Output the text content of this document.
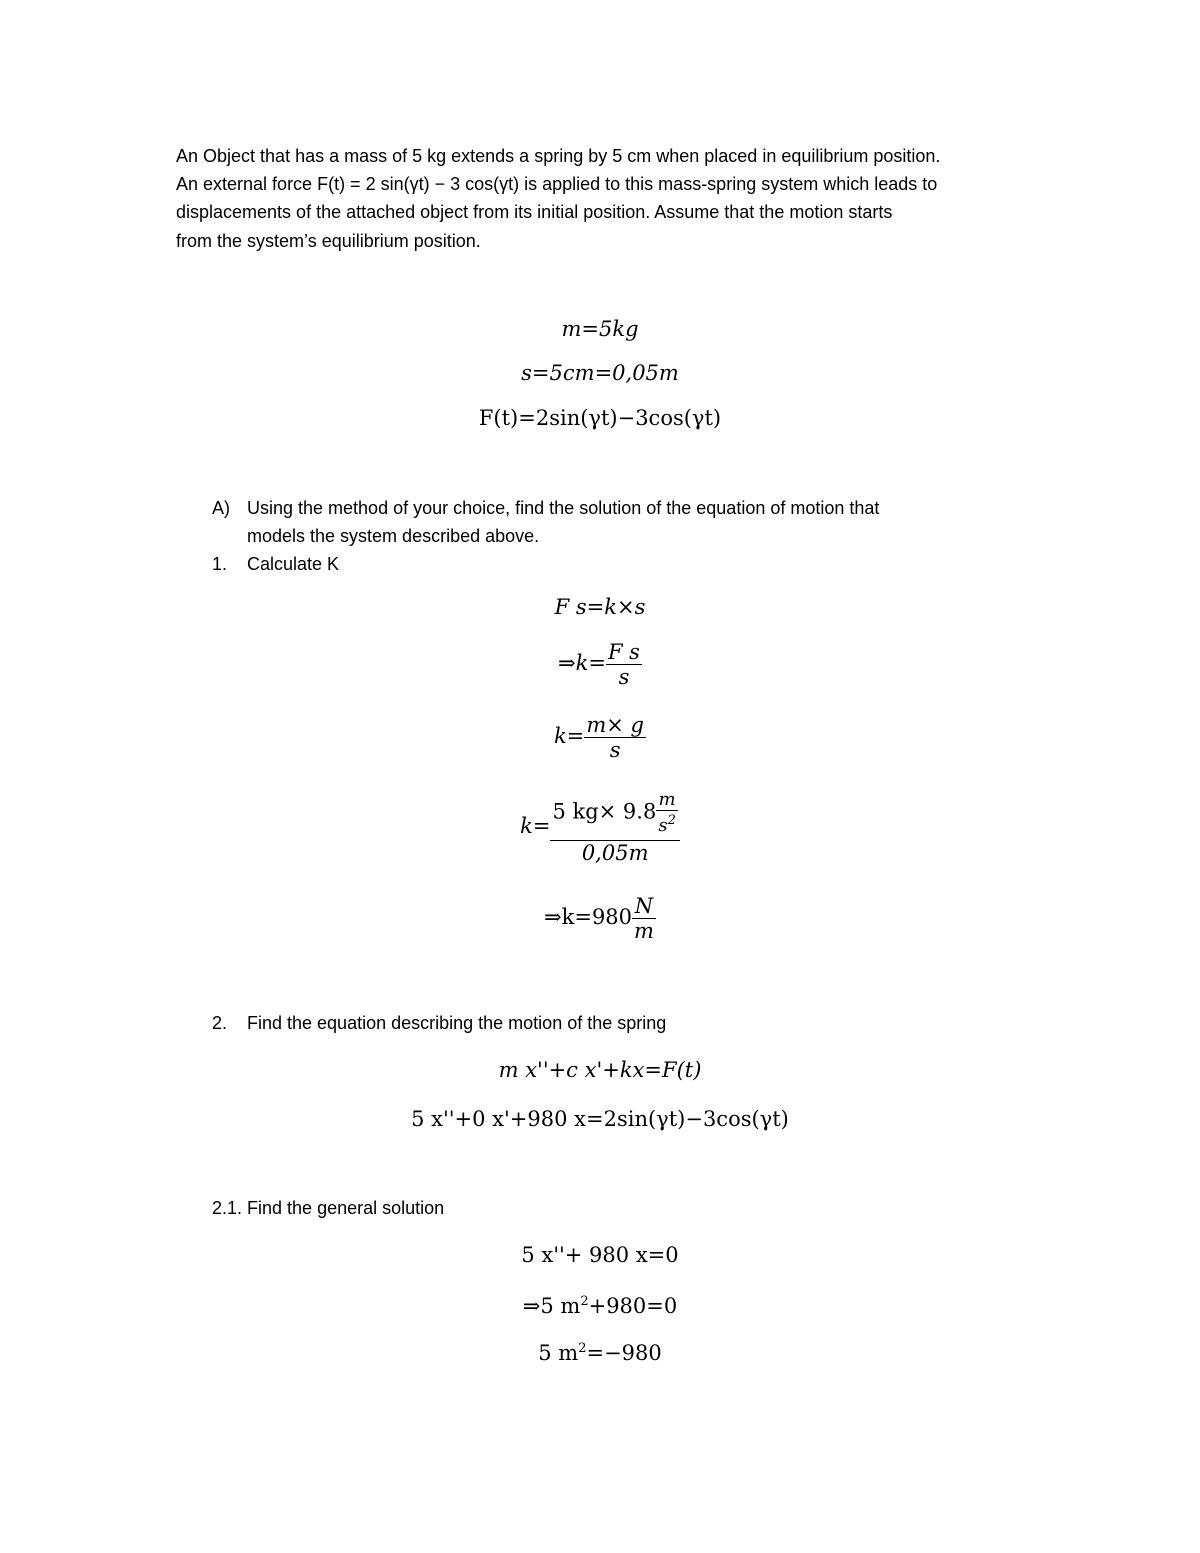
An Object that has a mass of 5 kg extends a spring by 5 cm when placed in equilibrium position.
An external force F(t) = 2 sin(γt) − 3 cos(γt) is applied to this mass-spring system which leads to
displacements of the attached object from its initial position. Assume that the motion starts
from the system’s equilibrium position.
m=5kg
s=5cm=0,05m
F(t)=2sin(γt)−3cos(γt)
A) Using the method of your choice, find the solution of the equation of motion that
models the system described above.
1. Calculate K
F s=k×s
⇒k= $\frac{\text{F s}}{s}$
$k= \frac{m\times g}{s}$
$k= \frac{5 kg\times 9.8 \frac{m}{s^2}}{0,05m}$
⇒k=980 $\frac{N}{m}$
2. Find the equation describing the motion of the spring
m x''+c x'+kx=F(t)
5 x''+0 x'+980 x=2sin(γt)−3cos(γt)
2.1. Find the general solution
5 x''+ 980 x=0
⇒5 $m^2+980=0$
5 $m^2=-980$
